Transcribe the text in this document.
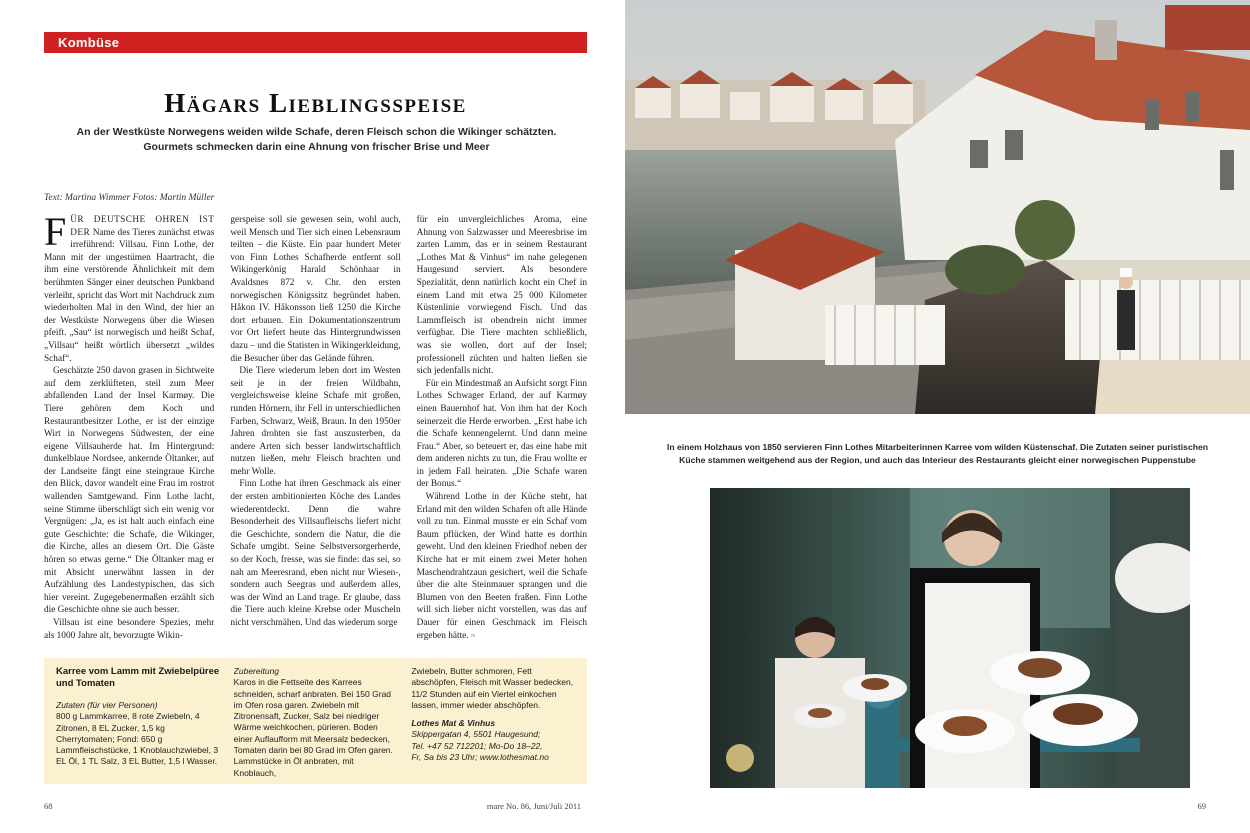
Kombüse
Hägars Lieblingsspeise
An der Westküste Norwegens weiden wilde Schafe, deren Fleisch schon die Wikinger schätzten. Gourmets schmecken darin eine Ahnung von frischer Brise und Meer
Text: Martina Wimmer Fotos: Martin Müller

FÜR DEUTSCHE OHREN IST DER Name des Tieres zunächst etwas irreführend: Villsau. Finn Lothe, der Mann mit der ungestümen Haartracht, die ihm eine verstörende Ähnlichkeit mit dem berühmten Sänger einer deutschen Punkband verleiht, spricht das Wort mit Nachdruck zum wiederholten Mal in den Wind, der hier an der Westküste Norwegens über die Wiesen pfeift. „Sau“ ist norwegisch und heißt Schaf, „Villsau“ heißt wörtlich übersetzt „wildes Schaf“.

Geschätzte 250 davon grasen in Sichtweite auf dem zerklüfteten, steil zum Meer abfallenden Land der Insel Karmøy. Die Tiere gehören dem Koch und Restaurantbesitzer Lothe, er ist der einzige Wirt in Norwegens Südwesten, der eine eigene Villsauherde hat. Im Hintergrund: dunkelblaue Nordsee, ankernde Öltanker, auf der Landseite fängt eine steingraue Kirche den Blick, davor wandelt eine Frau im rostrot wallenden Samtgewand. Finn Lothe lacht, seine Stimme überschlägt sich ein wenig vor Vergnügen: „Ja, es ist halt auch einfach eine gute Geschichte: die Schafe, die Wikinger, die Kirche, alles an diesem Ort. Die Gäste hören so etwas gerne.“ Die Öltanker mag er mit Absicht unerwähnt lassen in der Aufzählung des Landestypischen, das sich hier vereint. Zugegebenermaßen erzählt sich die Geschichte ohne sie auch besser.

Villsau ist eine besondere Spezies, mehr als 1000 Jahre alt, bevorzugte Wikin-

gerspeise soll sie gewesen sein, wohl auch, weil Mensch und Tier sich einen Lebensraum teilten – die Küste. Ein paar hundert Meter von Finn Lothes Schafherde entfernt soll Wikingerkönig Harald Schönhaar in Avaldsnes 872 v. Chr. den ersten norwegischen Königssitz begründet haben. Håkon IV. Håkonsson ließ 1250 die Kirche dort erbauen. Ein Dokumentationszentrum vor Ort liefert heute das Hintergrundwissen dazu – und die Statisten in Wikingerkleidung, die Besucher über das Gelände führen.

Die Tiere wiederum leben dort im Westen seit je in der freien Wildbahn, vergleichsweise kleine Schafe mit großen, runden Hörnern, ihr Fell in unterschiedlichen Farben, Schwarz, Weiß, Braun. In den 1950er Jahren drohten sie fast auszusterben, da andere Arten sich besser landwirtschaftlich nutzen ließen, mehr Fleisch brachten und mehr Wolle.

Finn Lothe hat ihren Geschmack als einer der ersten ambitionierten Köche des Landes wiederentdeckt. Denn die wahre Besonderheit des Villsaufleischs liefert nicht die Geschichte, sondern die Natur, die die Schafe umgibt. Seine Selbstversorgerherde, so der Koch, fresse, was sie finde: das sei, so nah am Meeresrand, eben nicht nur Wiesen-, sondern auch Seegras und außerdem alles, was der Wind an Land trage. Er glaube, dass die Tiere auch kleine Krebse oder Muscheln nicht verschmähen. Und das wiederum sorge

für ein unvergleichliches Aroma, eine Ahnung von Salzwasser und Meeresbrise im zarten Lamm, das er in seinem Restaurant „Lothes Mat & Vinhus“ im nahe gelegenen Haugesund serviert. Als besondere Spezialität, denn natürlich kocht ein Chef in einem Land mit etwa 25 000 Kilometer Küstenlinie vorwiegend Fisch. Und das Lammfleisch ist obendrein nicht immer verfügbar. Die Tiere machten schließlich, was sie wollen, dort auf der Insel; professionell züchten und halten ließen sie sich jedenfalls nicht.

Für ein Mindestmaß an Aufsicht sorgt Finn Lothes Schwager Erland, der auf Karmøy einen Bauernhof hat. Von ihm hat der Koch seinerzeit die Herde erworben. „Erst habe ich die Schafe kennengelernt. Und dann meine Frau.“ Aber, so beteuert er, das eine habe mit dem anderen nichts zu tun, die Frau wollte er in jedem Fall heiraten. „Die Schafe waren der Bonus.“

Während Lothe in der Küche steht, hat Erland mit den wilden Schafen oft alle Hände voll zu tun. Einmal musste er ein Schaf vom Baum pflücken, der Wind hatte es dorthin geweht. Und den kleinen Friedhof neben der Kirche hat er mit einem zwei Meter hohen Maschendrahtzaun gesichert, weil die Schafe über die alte Steinmauer sprangen und die Blumen von den Beeten fraßen. Finn Lothe will sich lieber nicht vorstellen, was das auf Dauer für einen Geschmack im Fleisch ergeben hätte. ≈

Karree vom Lamm mit Zwiebelpüree und Tomaten
Zutaten (für vier Personen)
800 g Lammkarree, 8 rote Zwiebeln, 4 Zitronen, 8 EL Zucker, 1,5 kg Cherrytomaten; Fond: 650 g Lammfleischstücke, 1 Knoblauchzwiebel, 3 EL Öl, 1 TL Salz, 3 EL Butter, 1,5 l Wasser.
Zubereitung
Karos in die Fettseite des Karrees schneiden, scharf anbraten. Bei 150 Grad im Ofen rosa garen. Zwiebeln mit Zitronensaft, Zucker, Salz bei niedriger Wärme weichkochen, pürieren. Boden einer Auflaufform mit Meersalz bedecken, Tomaten darin bei 80 Grad im Ofen garen. Lammstücke in Öl anbraten, mit Knoblauch,
Zwiebeln, Butter schmoren, Fett abschöpfen, Fleisch mit Wasser bedecken, 11/2 Stunden auf ein Viertel einkochen lassen, immer wieder abschöpfen.
Lothes Mat & Vinhus
Skippergatan 4, 5501 Haugesund;
Tel. +47 52 712201; Mo-Do 18–22,
Fr, Sa bis 23 Uhr; www.lothesmat.no
68	mare No. 86, Juni/Juli 2011
In einem Holzhaus von 1850 servieren Finn Lothes Mitarbeiterinnen Karree vom wilden Küstenschaf. Die Zutaten seiner puristischen Küche stammen weitgehend aus der Region, und auch das Interieur des Restaurants gleicht einer norwegischen Puppenstube
69
